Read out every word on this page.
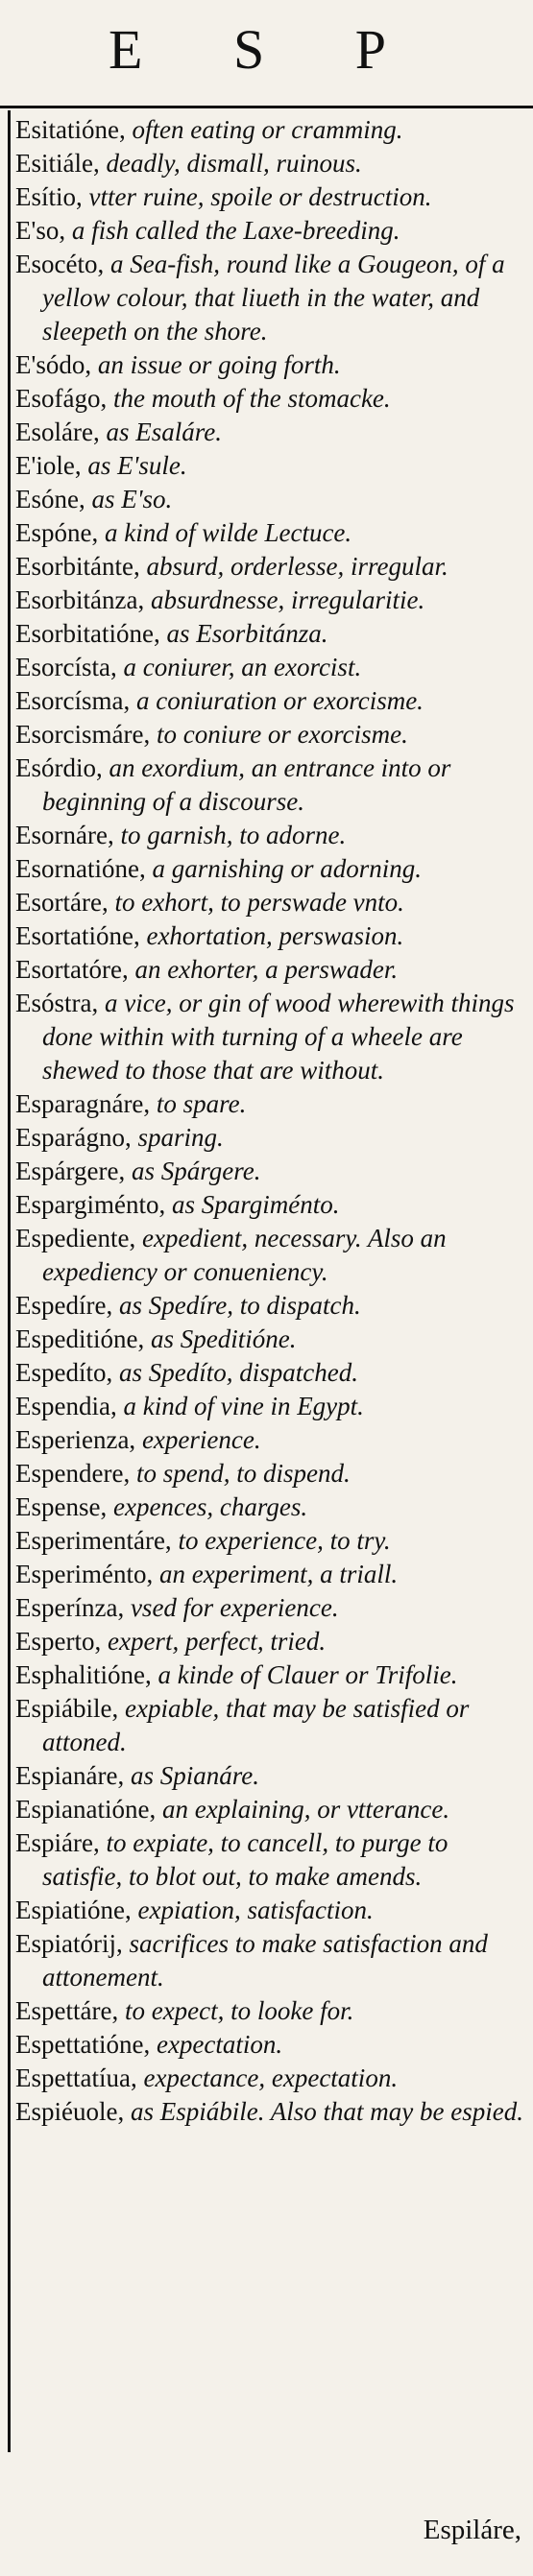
E S P

Esitatióne, often eating or cramming.

Esitiále, deadly, dismall, ruinous.

Esítio, vtter ruine, spoile or destruction.

E'so, a fish called the Laxe-breeding.

Esocéto, a Sea-fish, round like a Gougeon, of a yellow colour, that liueth in the water, and sleepeth on the shore.

E'sódo, an issue or going forth.

Esofágo, the mouth of the stomacke.

Esoláre, as Esaláre.

E'iole, as E'sule.

Esóne, as E'so.

Espóne, a kind of wilde Lectuce.

Esorbitánte, absurd, orderlesse, irregular.

Esorbitánza, absurdnesse, irregularitie.

Esorbitatióne, as Esorbitánza.

Esorcísta, a coniurer, an exorcist.

Esorcísma, a coniuration or exorcisme.

Esorcismáre, to coniure or exorcisme.

Esórdio, an exordium, an entrance into or beginning of a discourse.

Esornáre, to garnish, to adorne.

Esornatióne, a garnishing or adorning.

Esortáre, to exhort, to perswade vnto.

Esortatióne, exhortation, perswasion.

Esortatóre, an exhorter, a perswader.

Esóstra, a vice, or gin of wood wherewith things done within with turning of a wheele are shewed to those that are without.

Esparagnáre, to spare.

Esparágno, sparing.

Espárgere, as Spárgere.

Espargiménto, as Spargiménto.

Espediente, expedient, necessary. Also an expediency or conueniency.

Espedíre, as Spedíre, to dispatch.

Espeditióne, as Speditióne.

Espedíto, as Spedíto, dispatched.

Espendia, a kind of vine in Egypt.

Esperienza, experience.

Espendere, to spend, to dispend.

Espense, expences, charges.

Esperimentáre, to experience, to try.

Esperiménto, an experiment, a triall.

Esperínza, vsed for experience.

Esperto, expert, perfect, tried.

Esphalitióne, a kinde of Clauer or Trifolie.

Espiábile, expiable, that may be satisfied or attoned.

Espianáre, as Spianáre.

Espianatióne, an explaining, or vtterance.

Espiáre, to expiate, to cancell, to purge to satisfie, to blot out, to make amends.

Espiatióne, expiation, satisfaction.

Espiatórij, sacrifices to make satisfaction and attonement.

Espettáre, to expect, to looke for.

Espettatióne, expectation.

Espettatíua, expectance, expectation.

Espiéuole, as Espiábile. Also that may be espied.

Espiláre,
